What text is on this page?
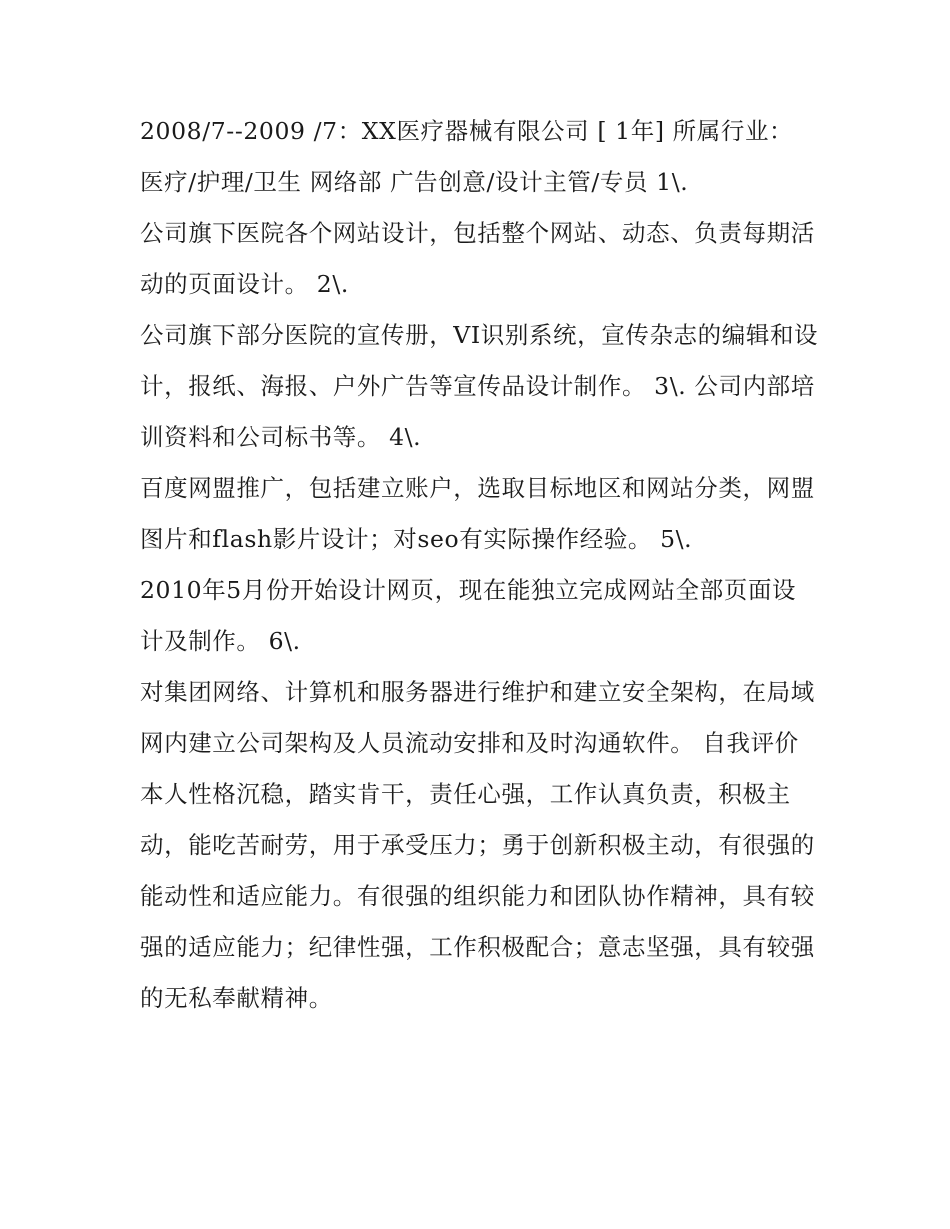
2008/7--2009 /7：XX医疗器械有限公司 [ 1年] 所属行业： 医疗/护理/卫生 网络部 广告创意/设计主管/专员 1\.

公司旗下医院各个网站设计，包括整个网站、动态、负责每期活动的页面设计。 2\.

公司旗下部分医院的宣传册，VI识别系统，宣传杂志的编辑和设计，报纸、海报、户外广告等宣传品设计制作。 3\. 公司内部培训资料和公司标书等。 4\.

百度网盟推广，包括建立账户，选取目标地区和网站分类，网盟图片和flash影片设计；对seo有实际操作经验。 5\.

2010年5月份开始设计网页，现在能独立完成网站全部页面设计及制作。 6\.

对集团网络、计算机和服务器进行维护和建立安全架构，在局域网内建立公司架构及人员流动安排和及时沟通软件。 自我评价

本人性格沉稳，踏实肯干，责任心强，工作认真负责，积极主动，能吃苦耐劳，用于承受压力；勇于创新积极主动，有很强的能动性和适应能力。有很强的组织能力和团队协作精神，具有较强的适应能力；纪律性强，工作积极配合；意志坚强，具有较强的无私奉献精神。
